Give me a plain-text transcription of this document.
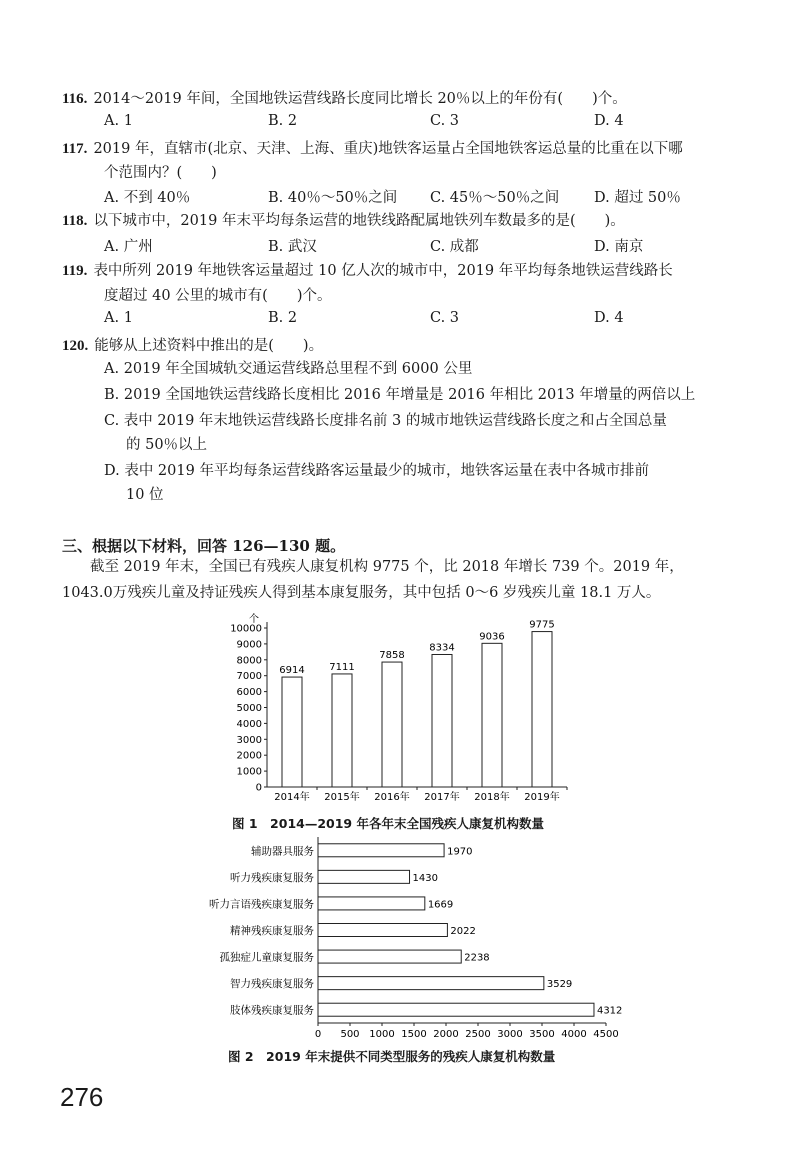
116. 2014～2019 年间，全国地铁运营线路长度同比增长 20％以上的年份有(　　)个。
A. 1	B. 2	C. 3	D. 4
117. 2019 年，直辖市(北京、天津、上海、重庆)地铁客运量占全国地铁客运总量的比重在以下哪
个范围内？(　　)
A. 不到 40％	B. 40％～50％之间 C. 45％～50％之间 D. 超过 50％
118. 以下城市中，2019 年末平均每条运营的地铁线路配属地铁列车数最多的是(　　)。
A. 广州	B. 武汉	C. 成都	D. 南京
119. 表中所列 2019 年地铁客运量超过 10 亿人次的城市中，2019 年平均每条地铁运营线路长
度超过 40 公里的城市有(　　)个。
A. 1	B. 2	C. 3	D. 4
120. 能够从上述资料中推出的是(　　)。
A. 2019 年全国城轨交通运营线路总里程不到 6000 公里
B. 2019 全国地铁运营线路长度相比 2016 年增量是 2016 年相比 2013 年增量的两倍以上
C. 表中 2019 年末地铁运营线路长度排名前 3 的城市地铁运营线路长度之和占全国总量
的 50％以上
D. 表中 2019 年平均每条运营线路客运量最少的城市，地铁客运量在表中各城市排前
10 位
三、根据以下材料，回答 126—130 题。
截至 2019 年末，全国已有残疾人康复机构 9775 个，比 2018 年增长 739 个。2019 年，
1043.0万残疾儿童及持证残疾人得到基本康复服务，其中包括 0～6 岁残疾儿童 18.1 万人。
个
0
1000
2000
3000
4000
5000
6000
7000
8000
9000
10000
6914
2014年
7111
2015年
7858
2016年
8334
2017年
9036
2018年
9775
2019年
图 1　2014—2019 年各年末全国残疾人康复机构数量
0 500 1000 1500 2000 2500 3000 3500 4000 4500
1970
辅助器具服务
1430
听力残疾康复服务
1669
听力言语残疾康复服务
2022
精神残疾康复服务
2238
孤独症儿童康复服务
3529
智力残疾康复服务
4312
肢体残疾康复服务
图 2　2019 年末提供不同类型服务的残疾人康复机构数量
276
